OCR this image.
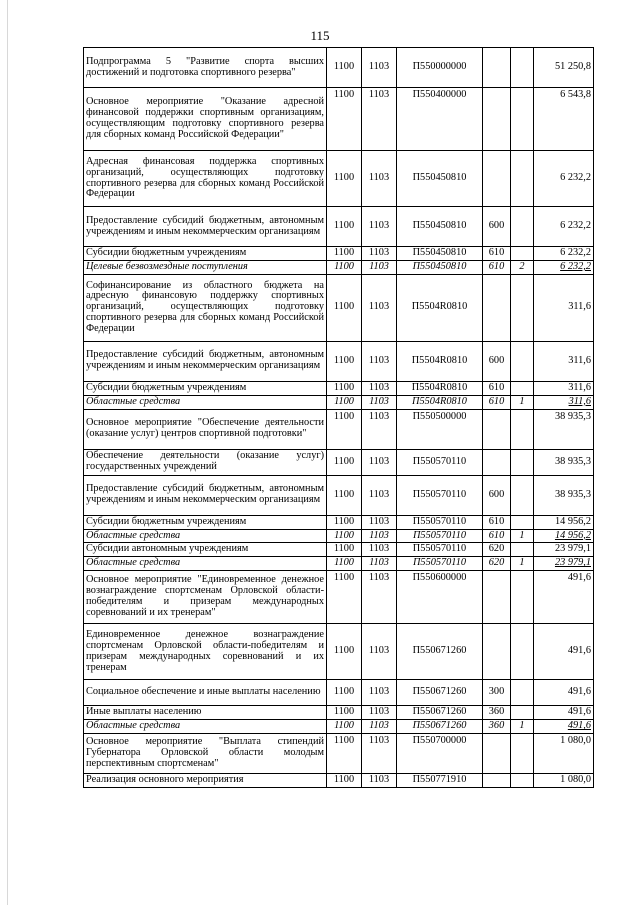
115
Подпрограмма 5 "Развитие спорта высших достижений и подготовка спортивного резерва"	1100	1103	П550000000			51 250,8
Основное мероприятие "Оказание адресной финансовой поддержки спортивным организациям, осуществляющим подготовку спортивного резерва для сборных команд Российской Федерации"	1100	1103	П550400000			6 543,8
Адресная финансовая поддержка спортивных организаций, осуществляющих подготовку спортивного резерва для сборных команд Российской Федерации	1100	1103	П550450810			6 232,2
Предоставление субсидий бюджетным, автономным учреждениям и иным некоммерческим организациям	1100	1103	П550450810	600		6 232,2
Субсидии бюджетным учреждениям	1100	1103	П550450810	610		6 232,2
Целевые безвозмездные поступления	1100	1103	П550450810	610	2	6 232,2
Софинансирование из областного бюджета на адресную финансовую поддержку спортивных организаций, осуществляющих подготовку спортивного резерва для сборных команд Российской Федерации	1100	1103	П5504R0810			311,6
Предоставление субсидий бюджетным, автономным учреждениям и иным некоммерческим организациям	1100	1103	П5504R0810	600		311,6
Субсидии бюджетным учреждениям	1100	1103	П5504R0810	610		311,6
Областные средства	1100	1103	П5504R0810	610	1	311,6
Основное мероприятие "Обеспечение деятельности (оказание услуг) центров спортивной подготовки"	1100	1103	П550500000			38 935,3
Обеспечение деятельности (оказание услуг) государственных учреждений	1100	1103	П550570110			38 935,3
Предоставление субсидий бюджетным, автономным учреждениям и иным некоммерческим организациям	1100	1103	П550570110	600		38 935,3
Субсидии бюджетным учреждениям	1100	1103	П550570110	610		14 956,2
Областные средства	1100	1103	П550570110	610	1	14 956,2
Субсидии автономным учреждениям	1100	1103	П550570110	620		23 979,1
Областные средства	1100	1103	П550570110	620	1	23 979,1
Основное мероприятие "Единовременное денежное вознаграждение спортсменам Орловской области-победителям и призерам международных соревнований и их тренерам"	1100	1103	П550600000			491,6
Единовременное денежное вознаграждение спортсменам Орловской области-победителям и призерам международных соревнований и их тренерам	1100	1103	П550671260			491,6
Социальное обеспечение и иные выплаты населению	1100	1103	П550671260	300		491,6
Иные выплаты населению	1100	1103	П550671260	360		491,6
Областные средства	1100	1103	П550671260	360	1	491,6
Основное мероприятие "Выплата стипендий Губернатора Орловской области молодым перспективным спортсменам"	1100	1103	П550700000			1 080,0
Реализация основного мероприятия	1100	1103	П550771910			1 080,0
